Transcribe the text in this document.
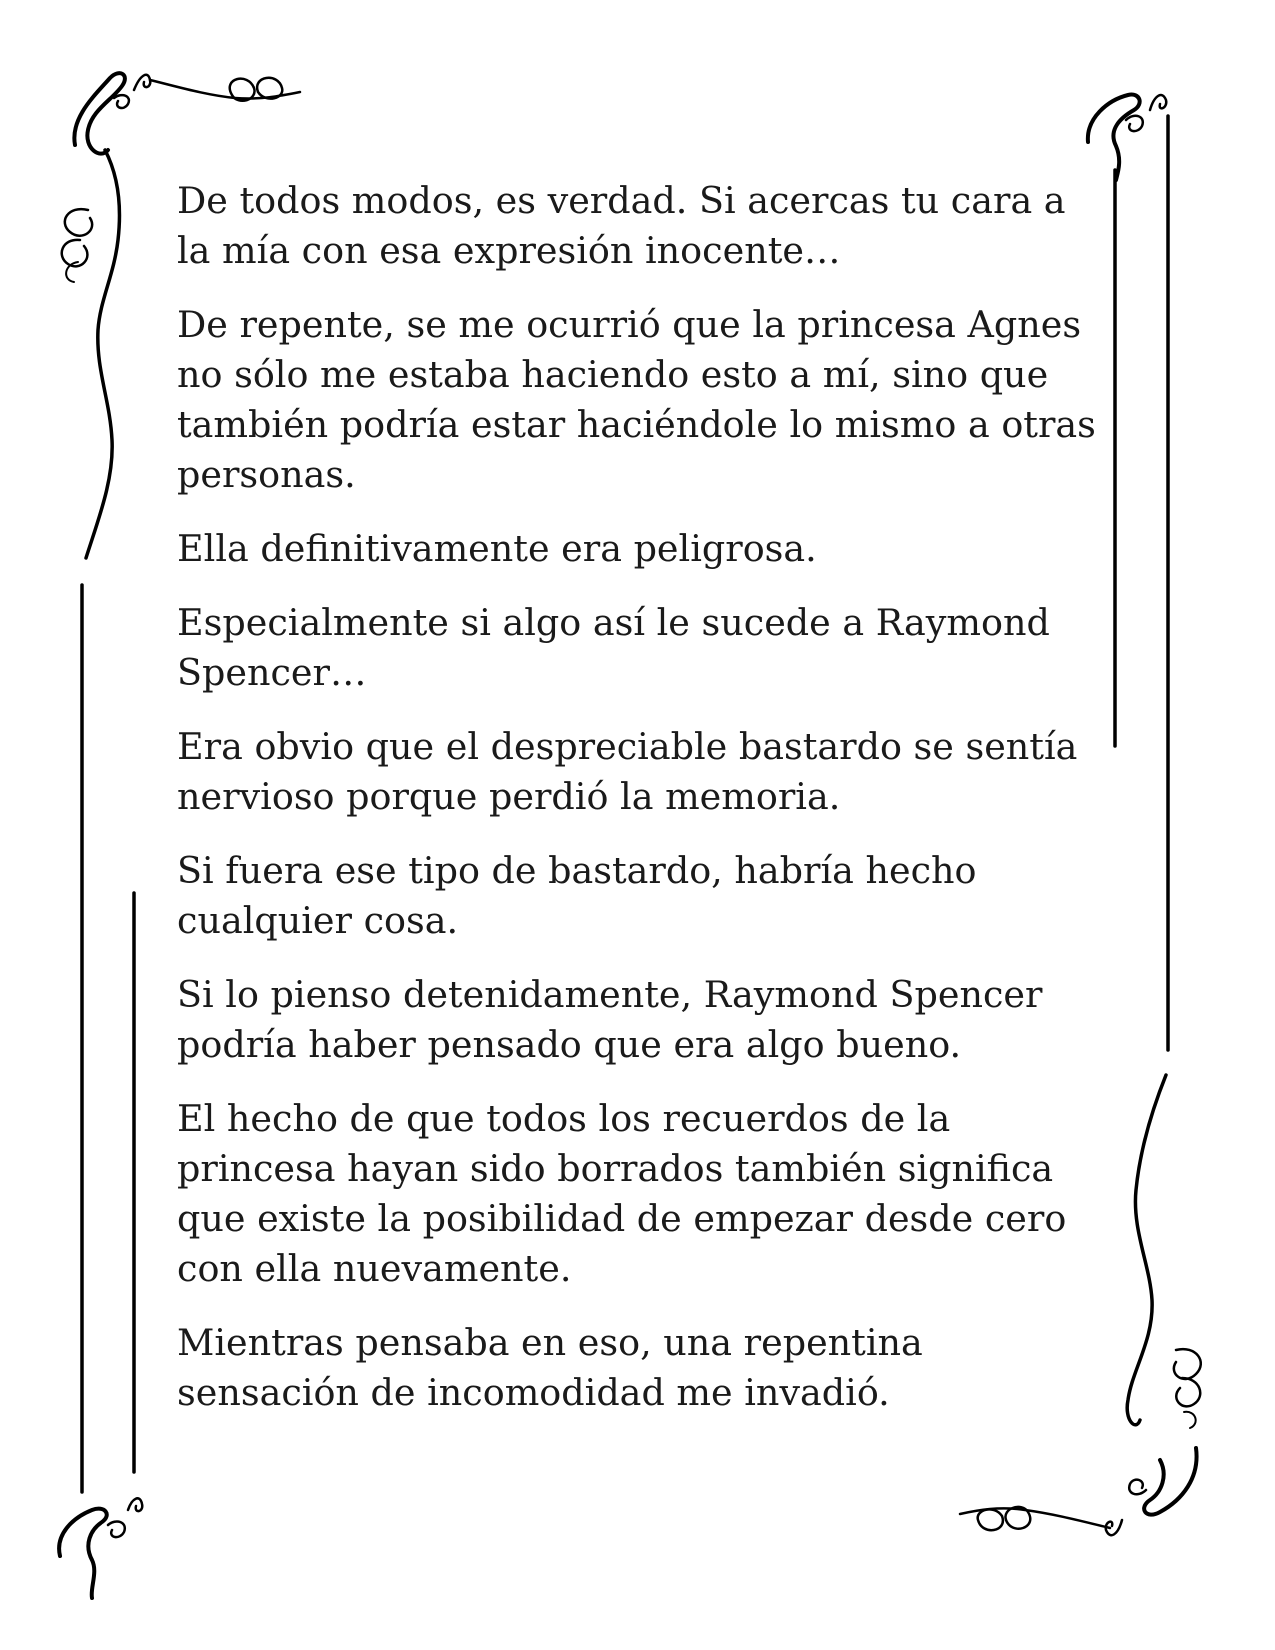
De todos modos, es verdad. Si acercas tu cara a la mía con esa expresión inocente…

De repente, se me ocurrió que la princesa Agnes no sólo me estaba haciendo esto a mí, sino que también podría estar haciéndole lo mismo a otras personas.

Ella definitivamente era peligrosa.

Especialmente si algo así le sucede a Raymond Spencer…

Era obvio que el despreciable bastardo se sentía nervioso porque perdió la memoria.

Si fuera ese tipo de bastardo, habría hecho cualquier cosa.

Si lo pienso detenidamente, Raymond Spencer podría haber pensado que era algo bueno.

El hecho de que todos los recuerdos de la princesa hayan sido borrados también significa que existe la posibilidad de empezar desde cero con ella nuevamente.

Mientras pensaba en eso, una repentina sensación de incomodidad me invadió.
